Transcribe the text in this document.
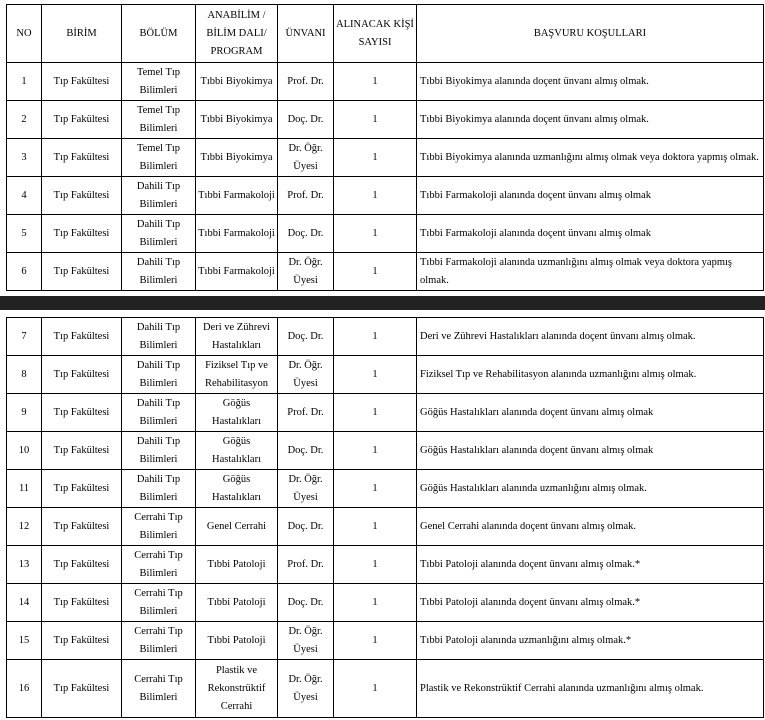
NO	BİRİM	BÖLÜM	ANABİLİM / BİLİM DALI/ PROGRAM	ÜNVANI	ALINACAK KİŞİ SAYISI	BAŞVURU KOŞULLARI
1	Tıp Fakültesi	Temel Tıp Bilimleri	Tıbbi Biyokimya	Prof. Dr.	1	Tıbbi Biyokimya alanında doçent ünvanı almış olmak.
2	Tıp Fakültesi	Temel Tıp Bilimleri	Tıbbi Biyokimya	Doç. Dr.	1	Tıbbi Biyokimya alanında doçent ünvanı almış olmak.
3	Tıp Fakültesi	Temel Tıp Bilimleri	Tıbbi Biyokimya	Dr. Öğr. Üyesi	1	Tıbbi Biyokimya alanında uzmanlığını almış olmak veya doktora yapmış olmak.
4	Tıp Fakültesi	Dahili Tıp Bilimleri	Tıbbi Farmakoloji	Prof. Dr.	1	Tıbbi Farmakoloji alanında doçent ünvanı almış olmak
5	Tıp Fakültesi	Dahili Tıp Bilimleri	Tıbbi Farmakoloji	Doç. Dr.	1	Tıbbi Farmakoloji alanında doçent ünvanı almış olmak
6	Tıp Fakültesi	Dahili Tıp Bilimleri	Tıbbi Farmakoloji	Dr. Öğr. Üyesi	1	Tıbbi Farmakoloji alanında uzmanlığını almış olmak veya doktora yapmış olmak.
7	Tıp Fakültesi	Dahili Tıp Bilimleri	Deri ve Zührevi Hastalıkları	Doç. Dr.	1	Deri ve Zührevi Hastalıkları alanında doçent ünvanı almış olmak.
8	Tıp Fakültesi	Dahili Tıp Bilimleri	Fiziksel Tıp ve Rehabilitasyon	Dr. Öğr. Üyesi	1	Fiziksel Tıp ve Rehabilitasyon alanında uzmanlığını almış olmak.
9	Tıp Fakültesi	Dahili Tıp Bilimleri	Göğüs Hastalıkları	Prof. Dr.	1	Göğüs Hastalıkları alanında doçent ünvanı almış olmak
10	Tıp Fakültesi	Dahili Tıp Bilimleri	Göğüs Hastalıkları	Doç. Dr.	1	Göğüs Hastalıkları alanında doçent ünvanı almış olmak
11	Tıp Fakültesi	Dahili Tıp Bilimleri	Göğüs Hastalıkları	Dr. Öğr. Üyesi	1	Göğüs Hastalıkları alanında uzmanlığını almış olmak.
12	Tıp Fakültesi	Cerrahi Tıp Bilimleri	Genel Cerrahi	Doç. Dr.	1	Genel Cerrahi alanında doçent ünvanı almış olmak.
13	Tıp Fakültesi	Cerrahi Tıp Bilimleri	Tıbbi Patoloji	Prof. Dr.	1	Tıbbi Patoloji alanında doçent ünvanı almış olmak.*
14	Tıp Fakültesi	Cerrahi Tıp Bilimleri	Tıbbi Patoloji	Doç. Dr.	1	Tıbbi Patoloji alanında doçent ünvanı almış olmak.*
15	Tıp Fakültesi	Cerrahi Tıp Bilimleri	Tıbbi Patoloji	Dr. Öğr. Üyesi	1	Tıbbi Patoloji alanında uzmanlığını almış olmak.*
16	Tıp Fakültesi	Cerrahi Tıp Bilimleri	Plastik ve Rekonstrüktif Cerrahi	Dr. Öğr. Üyesi	1	Plastik ve Rekonstrüktif Cerrahi alanında uzmanlığını almış olmak.
